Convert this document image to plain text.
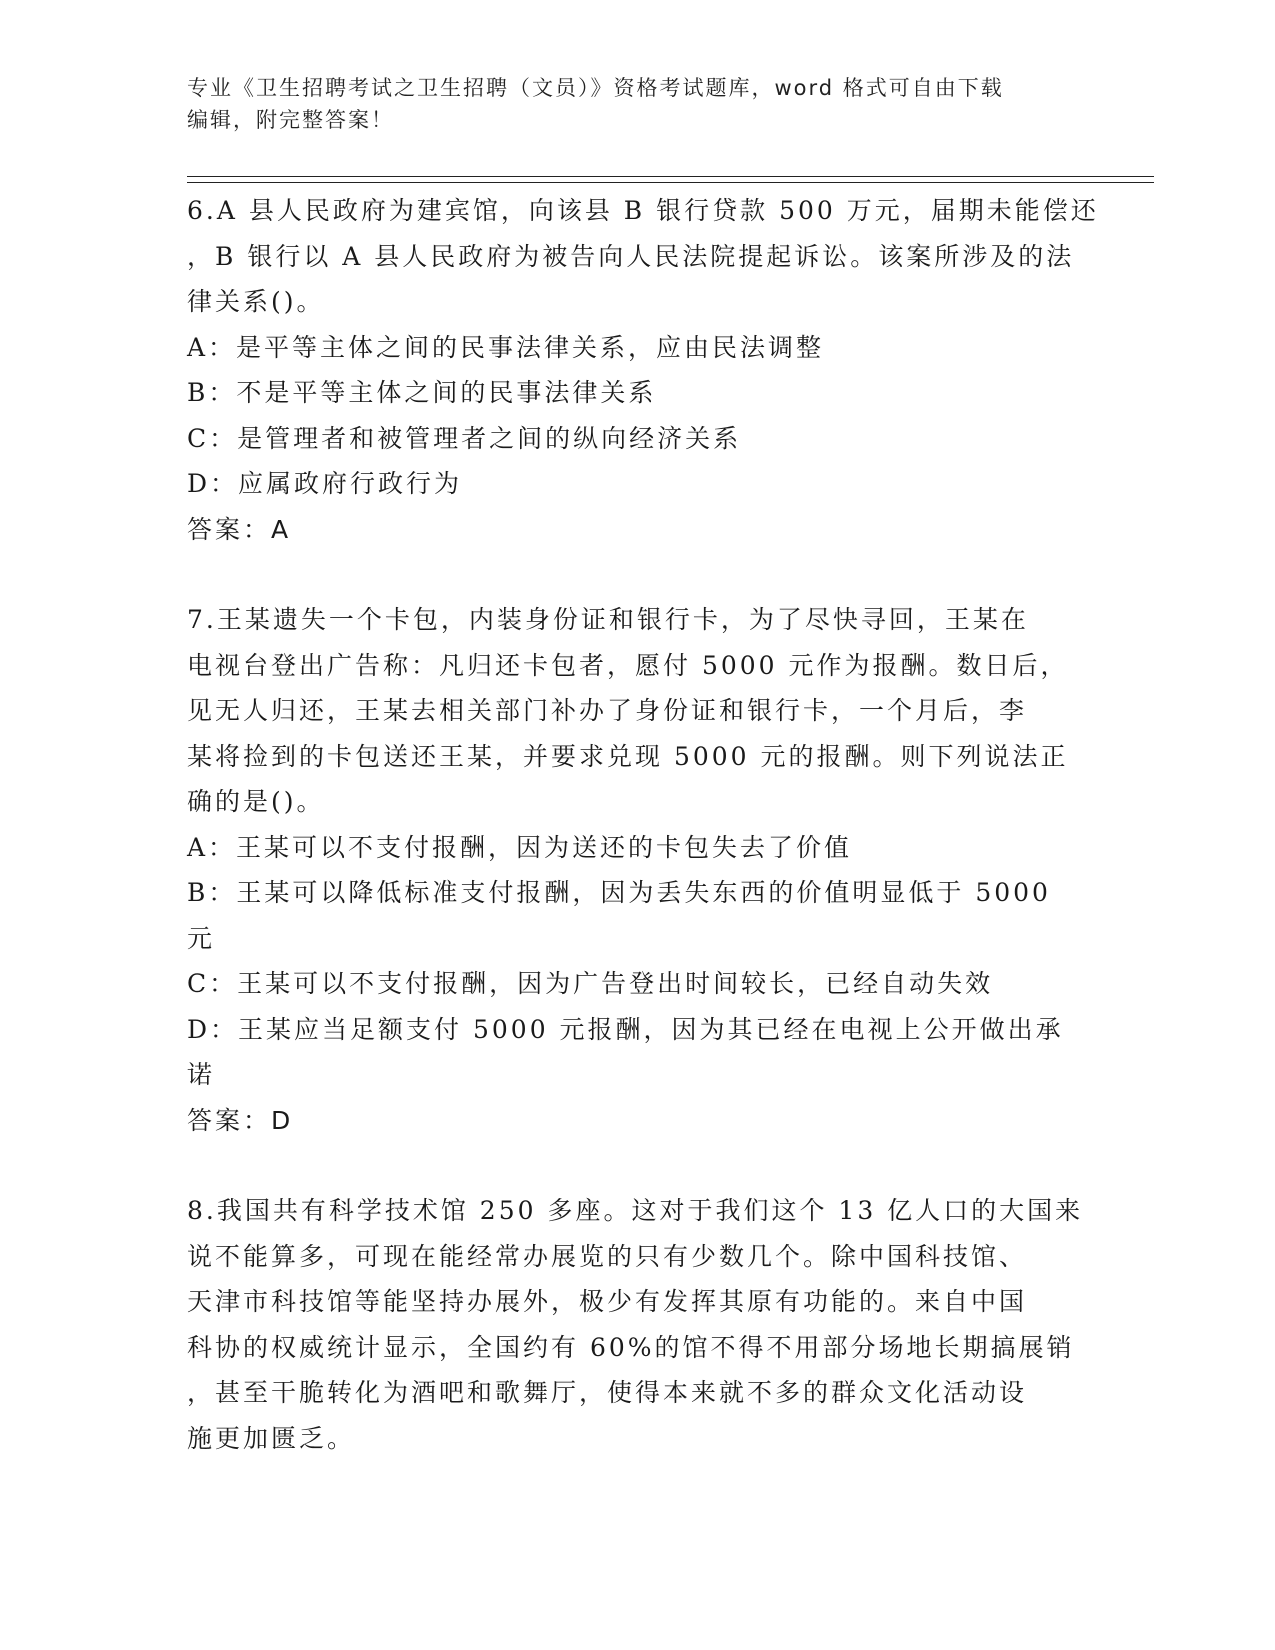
专业《卫生招聘考试之卫生招聘（文员）》资格考试题库，word 格式可自由下载
编辑，附完整答案！
6.A 县人民政府为建宾馆，向该县 B 银行贷款 500 万元，届期未能偿还
，B 银行以 A 县人民政府为被告向人民法院提起诉讼。该案所涉及的法
律关系()。
A：是平等主体之间的民事法律关系，应由民法调整
B：不是平等主体之间的民事法律关系
C：是管理者和被管理者之间的纵向经济关系
D：应属政府行政行为
答案：A
7.王某遗失一个卡包，内装身份证和银行卡，为了尽快寻回，王某在
电视台登出广告称：凡归还卡包者，愿付 5000 元作为报酬。数日后，
见无人归还，王某去相关部门补办了身份证和银行卡，一个月后，李
某将捡到的卡包送还王某，并要求兑现 5000 元的报酬。则下列说法正
确的是()。
A：王某可以不支付报酬，因为送还的卡包失去了价值
B：王某可以降低标准支付报酬，因为丢失东西的价值明显低于 5000
元
C：王某可以不支付报酬，因为广告登出时间较长，已经自动失效
D：王某应当足额支付 5000 元报酬，因为其已经在电视上公开做出承
诺
答案：D
8.我国共有科学技术馆 250 多座。这对于我们这个 13 亿人口的大国来
说不能算多，可现在能经常办展览的只有少数几个。除中国科技馆、
天津市科技馆等能坚持办展外，极少有发挥其原有功能的。来自中国
科协的权威统计显示，全国约有 60%的馆不得不用部分场地长期搞展销
，甚至干脆转化为酒吧和歌舞厅，使得本来就不多的群众文化活动设
施更加匮乏。
